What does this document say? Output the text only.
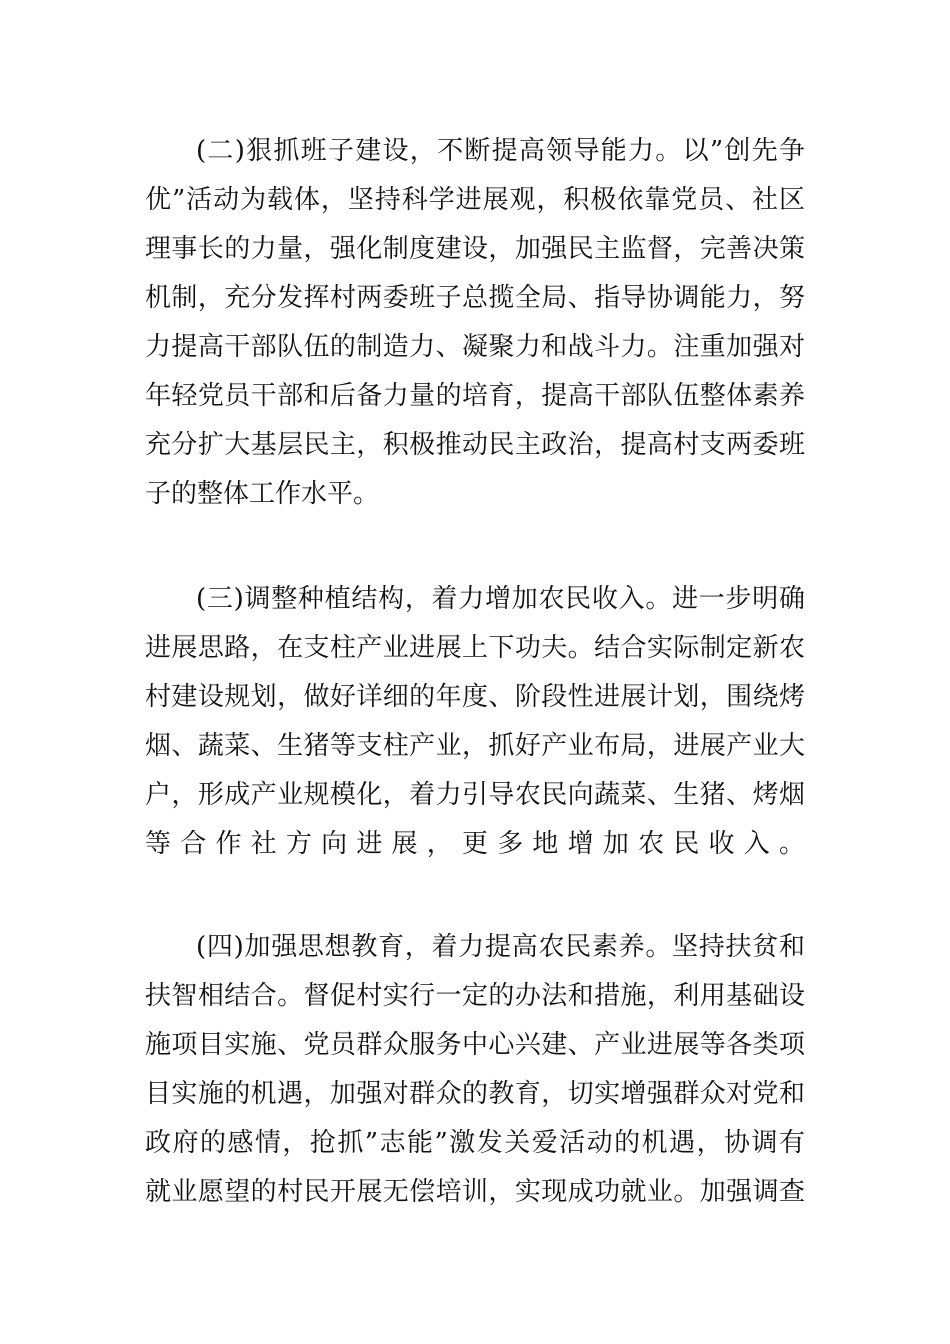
(二)狠抓班子建设，不断提高领导能力。以”创先争

优”活动为载体，坚持科学进展观，积极依靠党员、社区

理事长的力量，强化制度建设，加强民主监督，完善决策

机制，充分发挥村两委班子总揽全局、指导协调能力，努

力提高干部队伍的制造力、凝聚力和战斗力。注重加强对

年轻党员干部和后备力量的培育，提高干部队伍整体素养

充分扩大基层民主，积极推动民主政治，提高村支两委班

子的整体工作水平。

(三)调整种植结构，着力增加农民收入。进一步明确

进展思路，在支柱产业进展上下功夫。结合实际制定新农

村建设规划，做好详细的年度、阶段性进展计划，围绕烤

烟、蔬菜、生猪等支柱产业，抓好产业布局，进展产业大

户，形成产业规模化，着力引导农民向蔬菜、生猪、烤烟

等合作社方向进展，更多地增加农民收入。

(四)加强思想教育，着力提高农民素养。坚持扶贫和

扶智相结合。督促村实行一定的办法和措施，利用基础设

施项目实施、党员群众服务中心兴建、产业进展等各类项

目实施的机遇，加强对群众的教育，切实增强群众对党和

政府的感情，抢抓”志能”激发关爱活动的机遇，协调有

就业愿望的村民开展无偿培训，实现成功就业。加强调查
